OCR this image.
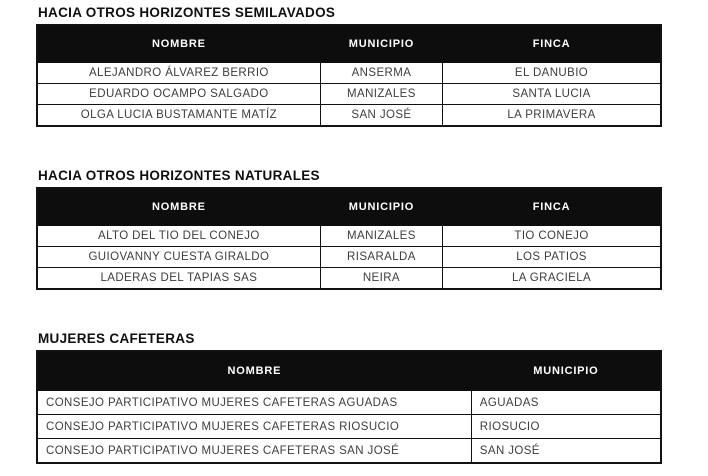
HACIA OTROS HORIZONTES SEMILAVADOS
NOMBRE	MUNICIPIO	FINCA
ALEJANDRO ÁLVAREZ BERRIO	ANSERMA	EL DANUBIO
EDUARDO OCAMPO SALGADO	MANIZALES	SANTA LUCIA
OLGA LUCIA BUSTAMANTE MATÍZ	SAN JOSÉ	LA PRIMAVERA
HACIA OTROS HORIZONTES NATURALES
NOMBRE	MUNICIPIO	FINCA
ALTO DEL TIO DEL CONEJO	MANIZALES	TIO CONEJO
GUIOVANNY CUESTA GIRALDO	RISARALDA	LOS PATIOS
LADERAS DEL TAPIAS SAS	NEIRA	LA GRACIELA
MUJERES CAFETERAS
NOMBRE	MUNICIPIO
CONSEJO PARTICIPATIVO MUJERES CAFETERAS AGUADAS	AGUADAS
CONSEJO PARTICIPATIVO MUJERES CAFETERAS RIOSUCIO	RIOSUCIO
CONSEJO PARTICIPATIVO MUJERES CAFETERAS SAN JOSÉ	SAN JOSÉ
